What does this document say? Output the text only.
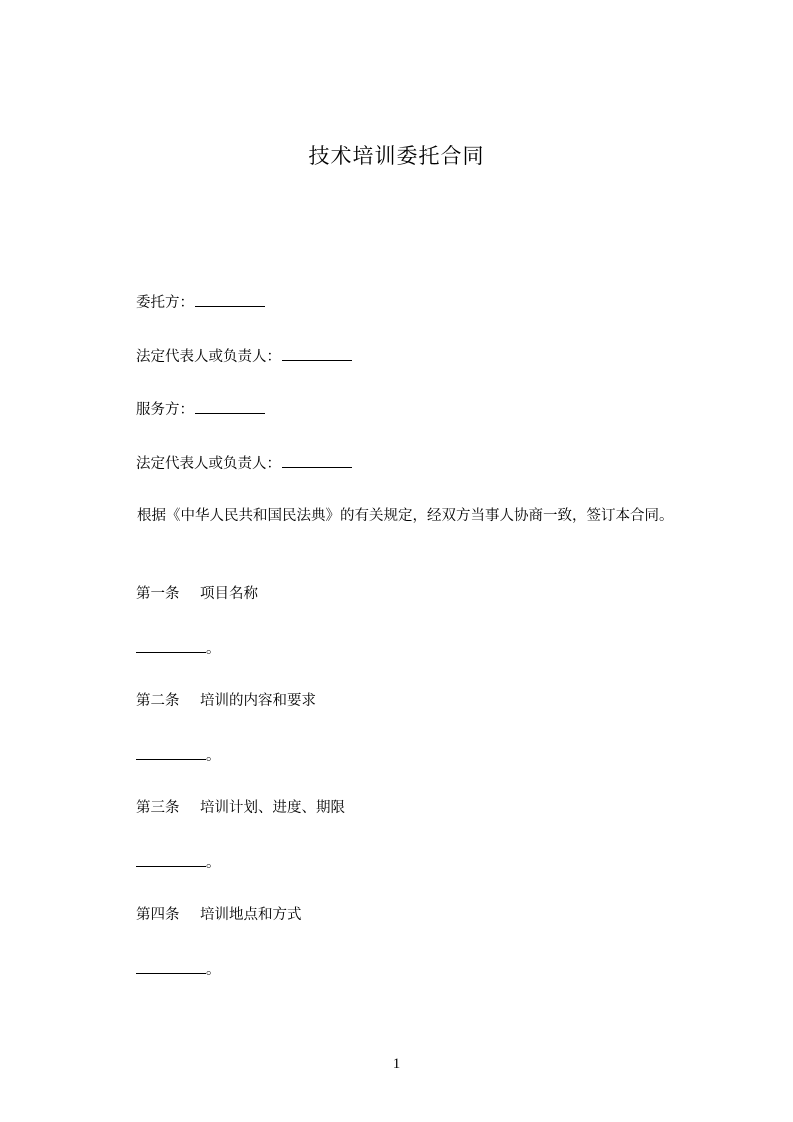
技术培训委托合同
委托方：
法定代表人或负责人：
服务方：
法定代表人或负责人：
根据《中华人民共和国民法典》的有关规定，经双方当事人协商一致，签订本合同。
第一条 项目名称
。
第二条 培训的内容和要求
。
第三条 培训计划、进度、期限
。
第四条 培训地点和方式
。
1
